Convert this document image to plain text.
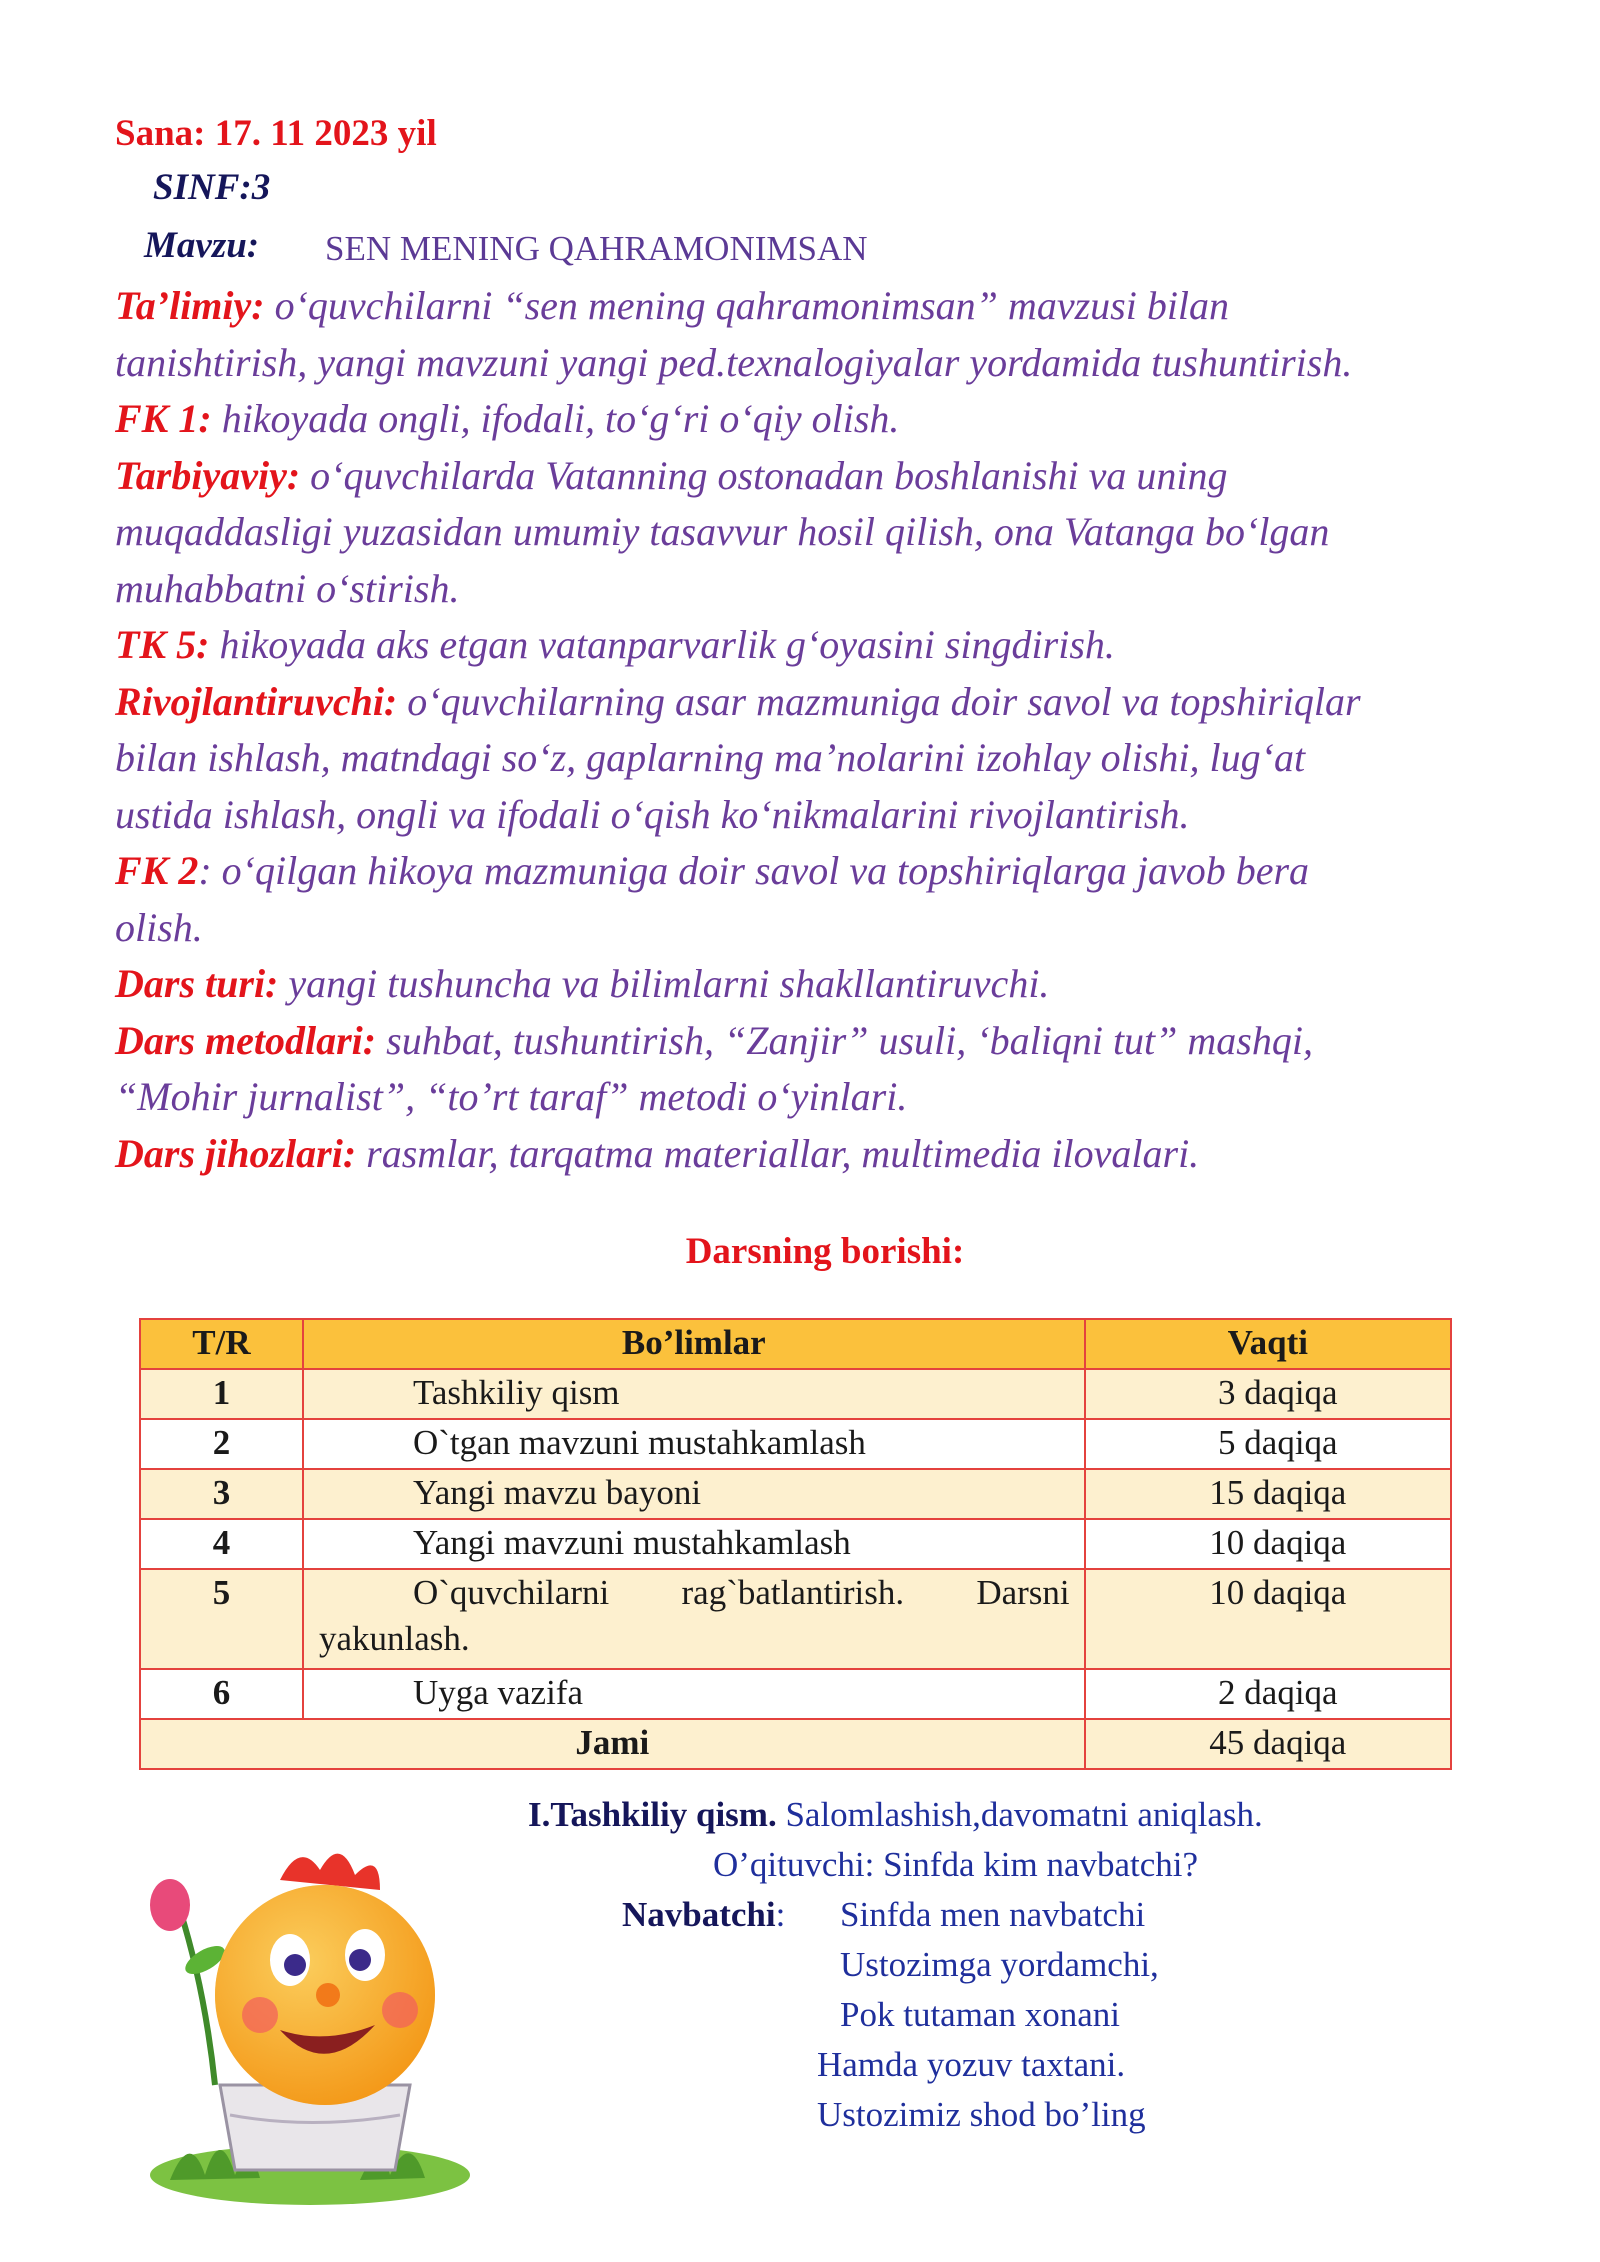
Sana: 17. 11 2023 yil
SINF:3
Mavzu: SEN MENING QAHRAMONIMSAN

Ta’limiy: o‘quvchilarni “sen mening qahramonimsan” mavzusi bilan
tanishtirish, yangi mavzuni yangi ped.texnalogiyalar yordamida tushuntirish.

FK 1: hikoyada ongli, ifodali, to‘g‘ri o‘qiy olish.

Tarbiyaviy: o‘quvchilarda Vatanning ostonadan boshlanishi va uning
muqaddasligi yuzasidan umumiy tasavvur hosil qilish, ona Vatanga bo‘lgan
muhabbatni o‘stirish.

TK 5: hikoyada aks etgan vatanparvarlik g‘oyasini singdirish.

Rivojlantiruvchi: o‘quvchilarning asar mazmuniga doir savol va topshiriqlar
bilan ishlash, matndagi so‘z, gaplarning ma’nolarini izohlay olishi, lug‘at
ustida ishlash, ongli va ifodali o‘qish ko‘nikmalarini rivojlantirish.

FK 2: o‘qilgan hikoya mazmuniga doir savol va topshiriqlarga javob bera
olish.

Dars turi: yangi tushuncha va bilimlarni shakllantiruvchi.

Dars metodlari: suhbat, tushuntirish, “Zanjir” usuli, ‘baliqni tut” mashqi,
“Mohir jurnalist”, “to’rt taraf” metodi o‘yinlari.

Dars jihozlari: rasmlar, tarqatma materiallar, multimedia ilovalari.

Darsning borishi:
T/R	Bo’limlar	Vaqti
1	Tashkiliy qism	3 daqiqa
2	O`tgan mavzuni mustahkamlash	5 daqiqa
3	Yangi mavzu bayoni	15 daqiqa
4	Yangi mavzuni mustahkamlash	10 daqiqa
5	O`quvchilarni rag`batlantirish. Darsni
yakunlash.	10 daqiqa
6	Uyga vazifa	2 daqiqa
Jami		45 daqiqa
I.Tashkiliy qism. Salomlashish,davomatni aniqlash.
O’qituvchi: Sinfda kim navbatchi?
Navbatchi: Sinfda men navbatchi
Ustozimga yordamchi,
Pok tutaman xonani
Hamda yozuv taxtani.
Ustozimiz shod bo’ling
